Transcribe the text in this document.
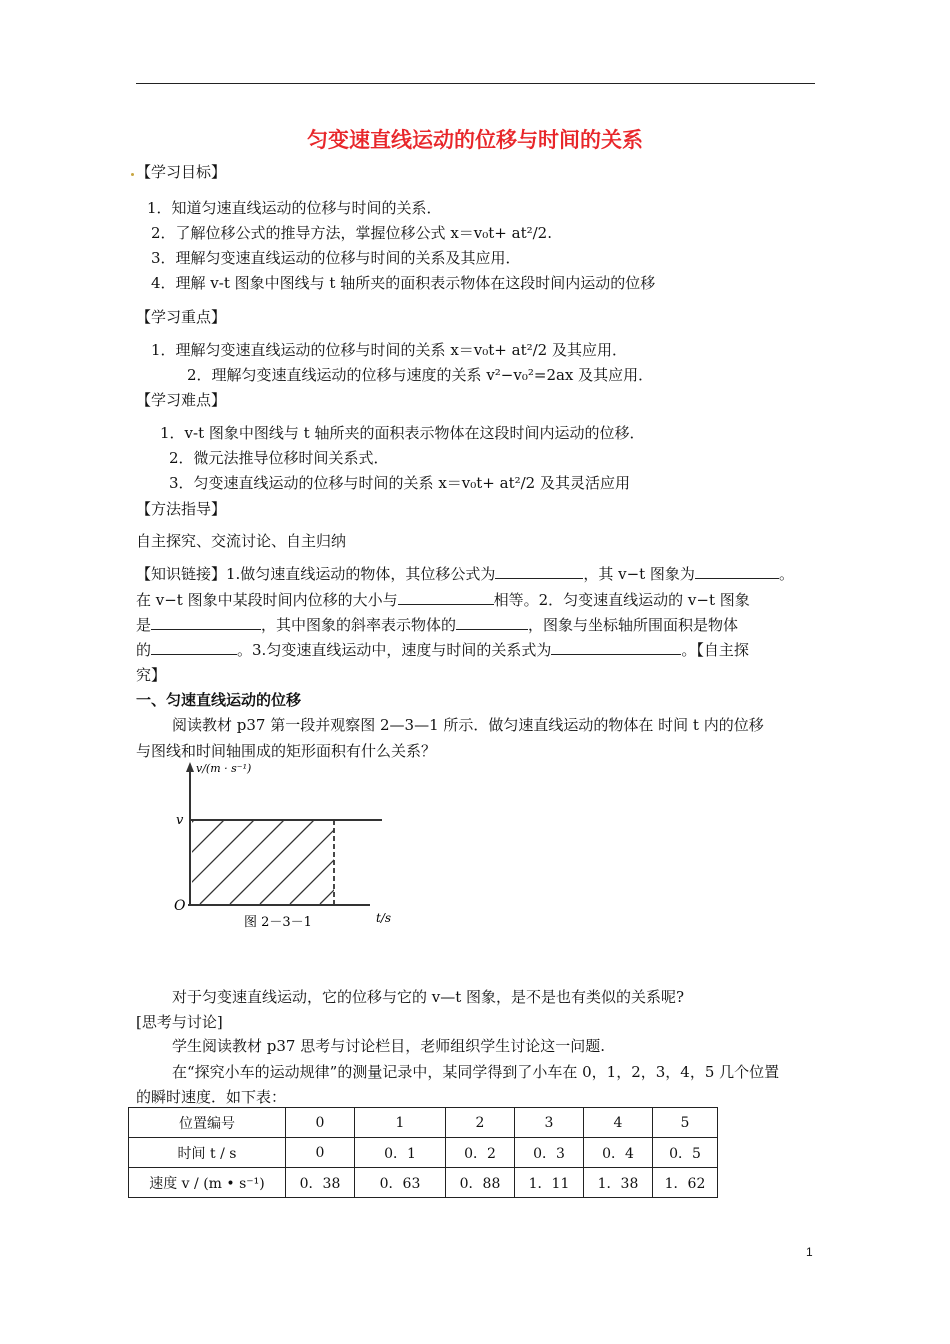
匀变速直线运动的位移与时间的关系
【学习目标】
1．知道匀速直线运动的位移与时间的关系．
2．了解位移公式的推导方法，掌握位移公式 x＝v₀t+ at²/2.
3．理解匀变速直线运动的位移与时间的关系及其应用．
4．理解 v-t 图象中图线与 t 轴所夹的面积表示物体在这段时间内运动的位移
【学习重点】
1．理解匀变速直线运动的位移与时间的关系 x＝v₀t+ at²/2 及其应用．
2．理解匀变速直线运动的位移与速度的关系 v²−v₀²=2ax 及其应用．
【学习难点】
1．v-t 图象中图线与 t 轴所夹的面积表示物体在这段时间内运动的位移．
2．微元法推导位移时间关系式．
3．匀变速直线运动的位移与时间的关系 x＝v₀t+ at²/2 及其灵活应用
【方法指导】
自主探究、交流讨论、自主归纳
【知识链接】1.做匀速直线运动的物体，其位移公式为	，其 v−t 图象为	。
在 v−t 图象中某段时间内位移的大小与	相等。2．匀变速直线运动的 v−t 图象
是	，其中图象的斜率表示物体的	，图象与坐标轴所围面积是物体
的	。3.匀变速直线运动中，速度与时间的关系式为	。【自主探
究】
一、匀速直线运动的位移
阅读教材 p37 第一段并观察图 2—3—1 所示．做匀速直线运动的物体在 时间 t 内的位移
与图线和时间轴围成的矩形面积有什么关系？
v/(m · s⁻¹)
v
O
图 2－3－1	t/s
对于匀变速直线运动，它的位移与它的 v—t 图象，是不是也有类似的关系呢?
[思考与讨论]
学生阅读教材 p37 思考与讨论栏目，老师组织学生讨论这一问题.
在“探究小车的运动规律”的测量记录中，某同学得到了小车在 0，1，2，3，4，5 几个位置
的瞬时速度．如下表：
位置编号	0	1	2	3	4	5
时间 t / s	0	0．1	0．2	0．3	0．4	0．5
速度 v / (m • s⁻¹)	0．38	0．63	0．88	1．11	1．38	1．62
1
